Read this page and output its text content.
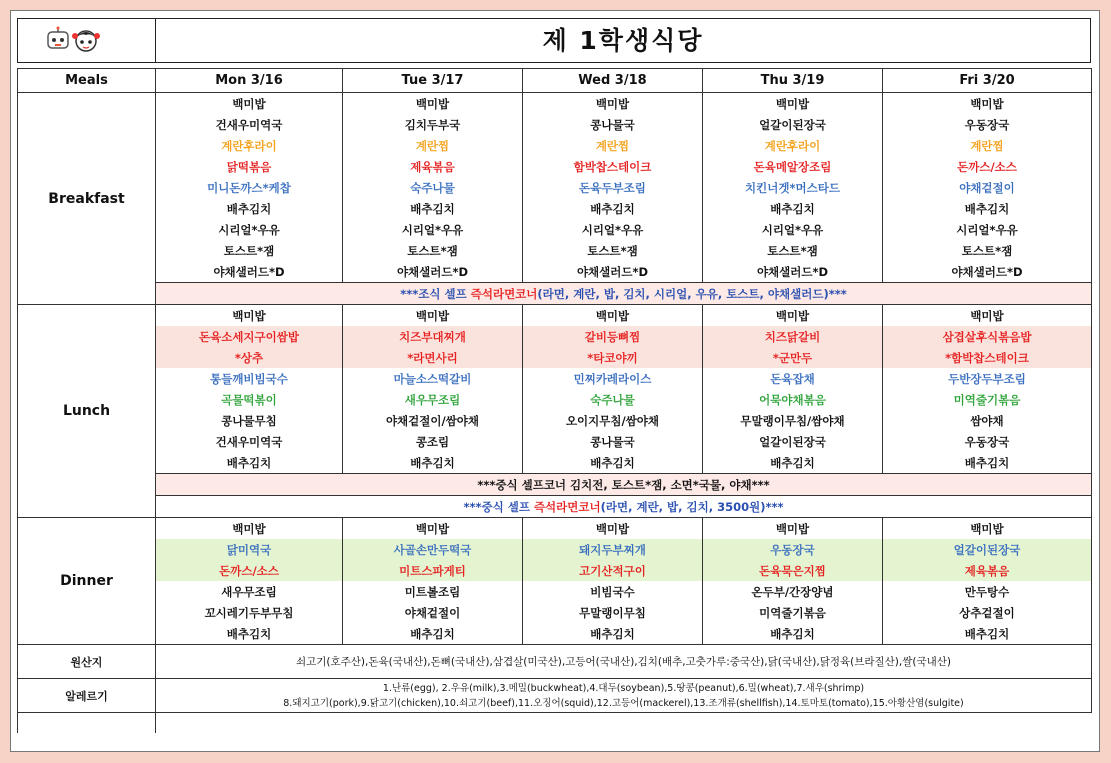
제 1학생식당
Meals	Mon 3/16	Tue 3/17	Wed 3/18	Thu 3/19	Fri 3/20
Breakfast	백미밥	백미밥	백미밥	백미밥	백미밥
	건새우미역국	김치두부국	콩나물국	얼갈이된장국	우동장국
	계란후라이	계란찜	계란찜	계란후라이	계란찜
	닭떡볶음	제육볶음	함박찹스테이크	돈육메알장조림	돈까스/소스
	미니돈까스*케찹	숙주나물	돈육두부조림	치킨너겟*머스타드	야채겉절이
	배추김치	배추김치	배추김치	배추김치	배추김치
	시리얼*우유	시리얼*우유	시리얼*우유	시리얼*우유	시리얼*우유
	토스트*잼	토스트*잼	토스트*잼	토스트*잼	토스트*잼
	야채샐러드*D	야채샐러드*D	야채샐러드*D	야채샐러드*D	야채샐러드*D
	***조식 셀프 즉석라면코너(라면, 계란, 밥, 김치, 시리얼, 우유, 토스트, 야채샐러드)***				
Lunch	백미밥	백미밥	백미밥	백미밥	백미밥
	돈육소세지구이쌈밥	치즈부대찌개	갈비등뼈찜	치즈닭갈비	삼겹살후식볶음밥
	*상추	*라면사리	*타코야끼	*군만두	*함박찹스테이크
	통들깨비빔국수	마늘소스떡갈비	민찌카레라이스	돈육잡채	두반장두부조림
	곡물떡볶이	새우무조림	숙주나물	어묵야채볶음	미역줄기볶음
	콩나물무침	야채겉절이/쌈야채	오이지무침/쌈야채	무말랭이무침/쌈야채	쌈야채
	건새우미역국	콩조림	콩나물국	얼갈이된장국	우동장국
	배추김치	배추김치	배추김치	배추김치	배추김치
	***중식 셀프코너 김치전, 토스트*잼, 소면*국물, 야채***				
	***중식 셀프 즉석라면코너(라면, 계란, 밥, 김치, 3500원)***				
Dinner	백미밥	백미밥	백미밥	백미밥	백미밥
	닭미역국	사골손만두떡국	돼지두부찌개	우동장국	얼갈이된장국
	돈까스/소스	미트스파게티	고기산적구이	돈육묵은지찜	제육볶음
	새우무조림	미트볼조림	비빔국수	온두부/간장양념	만두탕수
	꼬시레기두부무침	야채겉절이	무말랭이무침	미역줄기볶음	상추겉절이
	배추김치	배추김치	배추김치	배추김치	배추김치
원산지	쇠고기(호주산),돈육(국내산),돈뼈(국내산),삼겹살(미국산),고등어(국내산),김치(배추,고춧가루:중국산),닭(국내산),닭정육(브라질산),쌀(국내산)				
알레르기	1.난류(egg), 2.우유(milk),3.메밀(buckwheat),4.대두(soybean),5.땅콩(peanut),6.밀(wheat),7.새우(shrimp)
8.돼지고기(pork),9.닭고기(chicken),10.쇠고기(beef),11.오징어(squid),12.고등어(mackerel),13.조개류(shellfish),14.토마토(tomato),15.아황산염(sulgite)				
